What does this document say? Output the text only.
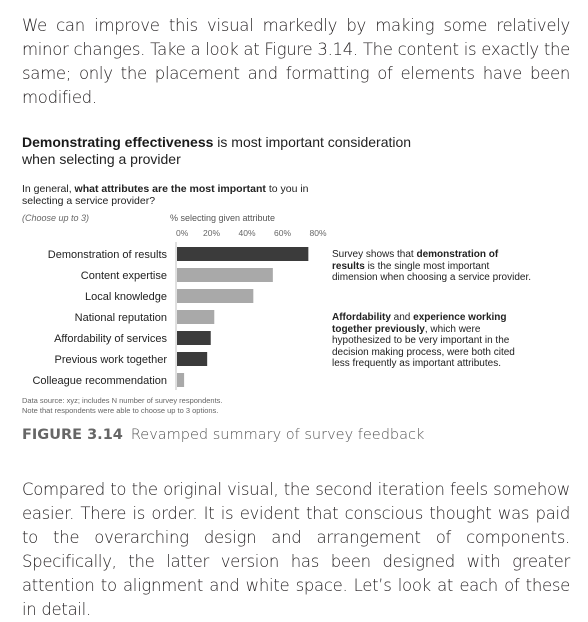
We can improve this visual markedly by making some relatively minor changes. Take a look at Figure 3.14. The content is exactly the same; only the placement and formatting of elements have been modified.
Demonstrating effectiveness is most important consideration when selecting a provider
In general, what attributes are the most important to you in selecting a service provider?
(Choose up to 3)	% selecting given attribute
0% 20% 40% 60% 80%
Demonstration of results
Content expertise
Local knowledge
National reputation
Affordability of services
Previous work together
Colleague recommendation
Survey shows that demonstration of results is the single most important dimension when choosing a service provider.
Affordability and experience working together previously, which were hypothesized to be very important in the decision making process, were both cited less frequently as important attributes.
Data source: xyz; includes N number of survey respondents.
Note that respondents were able to choose up to 3 options.
FIGURE 3.14 Revamped summary of survey feedback
Compared to the original visual, the second iteration feels somehow easier. There is order. It is evident that conscious thought was paid to the overarching design and arrangement of components. Specifically, the latter version has been designed with greater attention to alignment and white space. Let’s look at each of these in detail.
